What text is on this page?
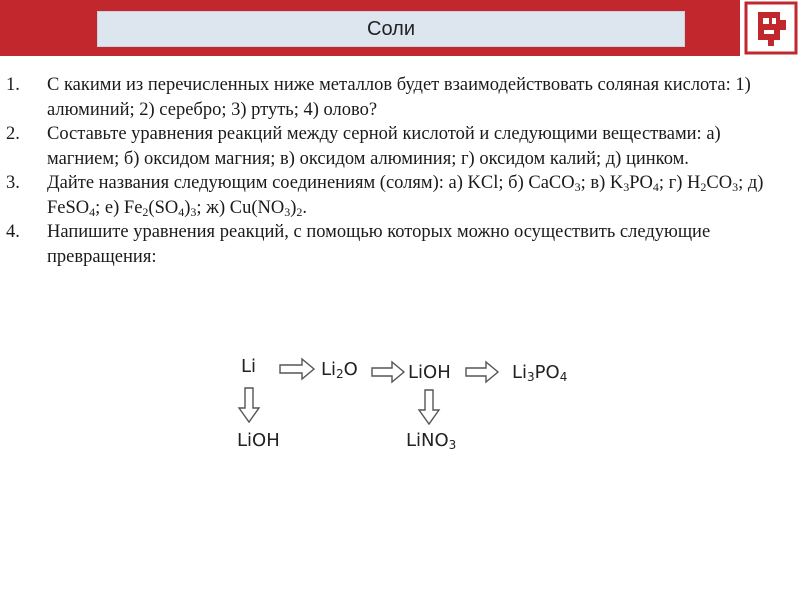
Соли
1. С какими из перечисленных ниже металлов будет взаимодействовать соляная кислота: 1) алюминий; 2) серебро; 3) ртуть; 4) олово?
2. Составьте уравнения реакций между серной кислотой и следующими веществами: а) магнием; б) оксидом магния; в) оксидом алюминия; г) оксидом калий; д) цинком.
3. Дайте названия следующим соединениям (солям): а) KCl; б) CaCO$_3$; в) $K_3PO_4$; г) $H_2CO_3$; д) FeSO$_4$; е) $Fe_2(SO_4)_3$; ж) $Cu(NO_3)_2$.
4. Напишите уравнения реакций, с помощью которых можно осуществить следующие превращения:
Li	Li2O	LiOH	Li3PO4
LiOH	LiNO3
